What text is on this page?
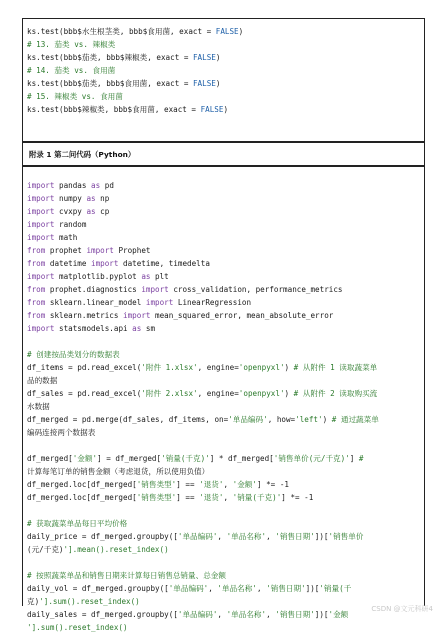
ks.test(bbb$水生根茎类, bbb$食用菌, exact = FALSE)
# 13. 茄类 vs. 辣椒类
ks.test(bbb$茄类, bbb$辣椒类, exact = FALSE)
# 14. 茄类 vs. 食用菌
ks.test(bbb$茄类, bbb$食用菌, exact = FALSE)
# 15. 辣椒类 vs. 食用菌
ks.test(bbb$辣椒类, bbb$食用菌, exact = FALSE)
附录 1 第二问代码（Python）
import pandas as pd
import numpy as np
import cvxpy as cp
import random
import math
from prophet import Prophet
from datetime import datetime, timedelta
import matplotlib.pyplot as plt
from prophet.diagnostics import cross_validation, performance_metrics
from sklearn.linear_model import LinearRegression
from sklearn.metrics import mean_squared_error, mean_absolute_error
import statsmodels.api as sm
# 创建按品类划分的数据表
df_items = pd.read_excel('附件 1.xlsx', engine='openpyxl') # 从附件 1 读取蔬菜单
品的数据
df_sales = pd.read_excel('附件 2.xlsx', engine='openpyxl') # 从附件 2 读取购买流
水数据
df_merged = pd.merge(df_sales, df_items, on='单品编码', how='left') # 通过蔬菜单
编码连接两个数据表
df_merged['金额'] = df_merged['销量(千克)'] * df_merged['销售单价(元/千克)'] #
计算每笔订单的销售金额（考虑退货，所以使用负值）
df_merged.loc[df_merged['销售类型'] == '退货', '金额'] *= -1
df_merged.loc[df_merged['销售类型'] == '退货', '销量(千克)'] *= -1
# 获取蔬菜单品每日平均价格
daily_price = df_merged.groupby(['单品编码', '单品名称', '销售日期'])['销售单价
(元/千克)'].mean().reset_index()
# 按照蔬菜单品和销售日期来计算每日销售总销量、总金额
daily_vol = df_merged.groupby(['单品编码', '单品名称', '销售日期'])['销量(千
克)'].sum().reset_index()
daily_sales = df_merged.groupby(['单品编码', '单品名称', '销售日期'])['金额
'].sum().reset_index()
CSDN @文元科研4
